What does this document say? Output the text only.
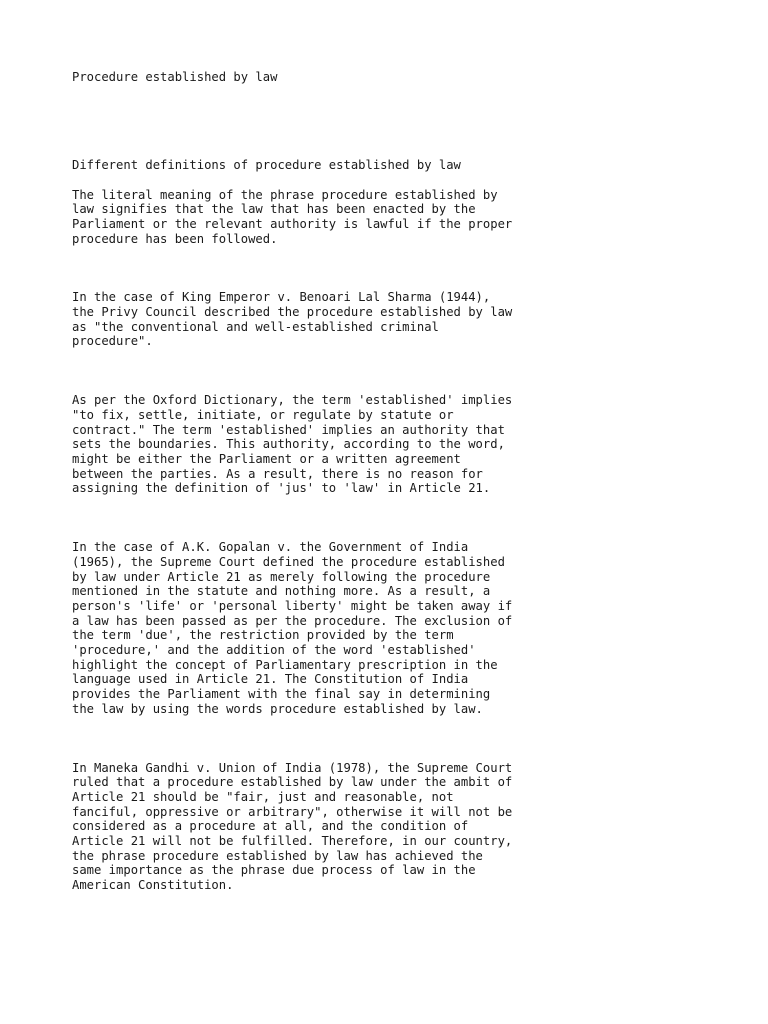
Procedure established by law
Different definitions of procedure established by law
The literal meaning of the phrase procedure established by
law signifies that the law that has been enacted by the
Parliament or the relevant authority is lawful if the proper
procedure has been followed.
In the case of King Emperor v. Benoari Lal Sharma (1944),
the Privy Council described the procedure established by law
as "the conventional and well-established criminal
procedure".
As per the Oxford Dictionary, the term 'established' implies
"to fix, settle, initiate, or regulate by statute or
contract." The term 'established' implies an authority that
sets the boundaries. This authority, according to the word,
might be either the Parliament or a written agreement
between the parties. As a result, there is no reason for
assigning the definition of 'jus' to 'law' in Article 21.
In the case of A.K. Gopalan v. the Government of India
(1965), the Supreme Court defined the procedure established
by law under Article 21 as merely following the procedure
mentioned in the statute and nothing more. As a result, a
person's 'life' or 'personal liberty' might be taken away if
a law has been passed as per the procedure. The exclusion of
the term 'due', the restriction provided by the term
'procedure,' and the addition of the word 'established'
highlight the concept of Parliamentary prescription in the
language used in Article 21. The Constitution of India
provides the Parliament with the final say in determining
the law by using the words procedure established by law.
In Maneka Gandhi v. Union of India (1978), the Supreme Court
ruled that a procedure established by law under the ambit of
Article 21 should be "fair, just and reasonable, not
fanciful, oppressive or arbitrary", otherwise it will not be
considered as a procedure at all, and the condition of
Article 21 will not be fulfilled. Therefore, in our country,
the phrase procedure established by law has achieved the
same importance as the phrase due process of law in the
American Constitution.
